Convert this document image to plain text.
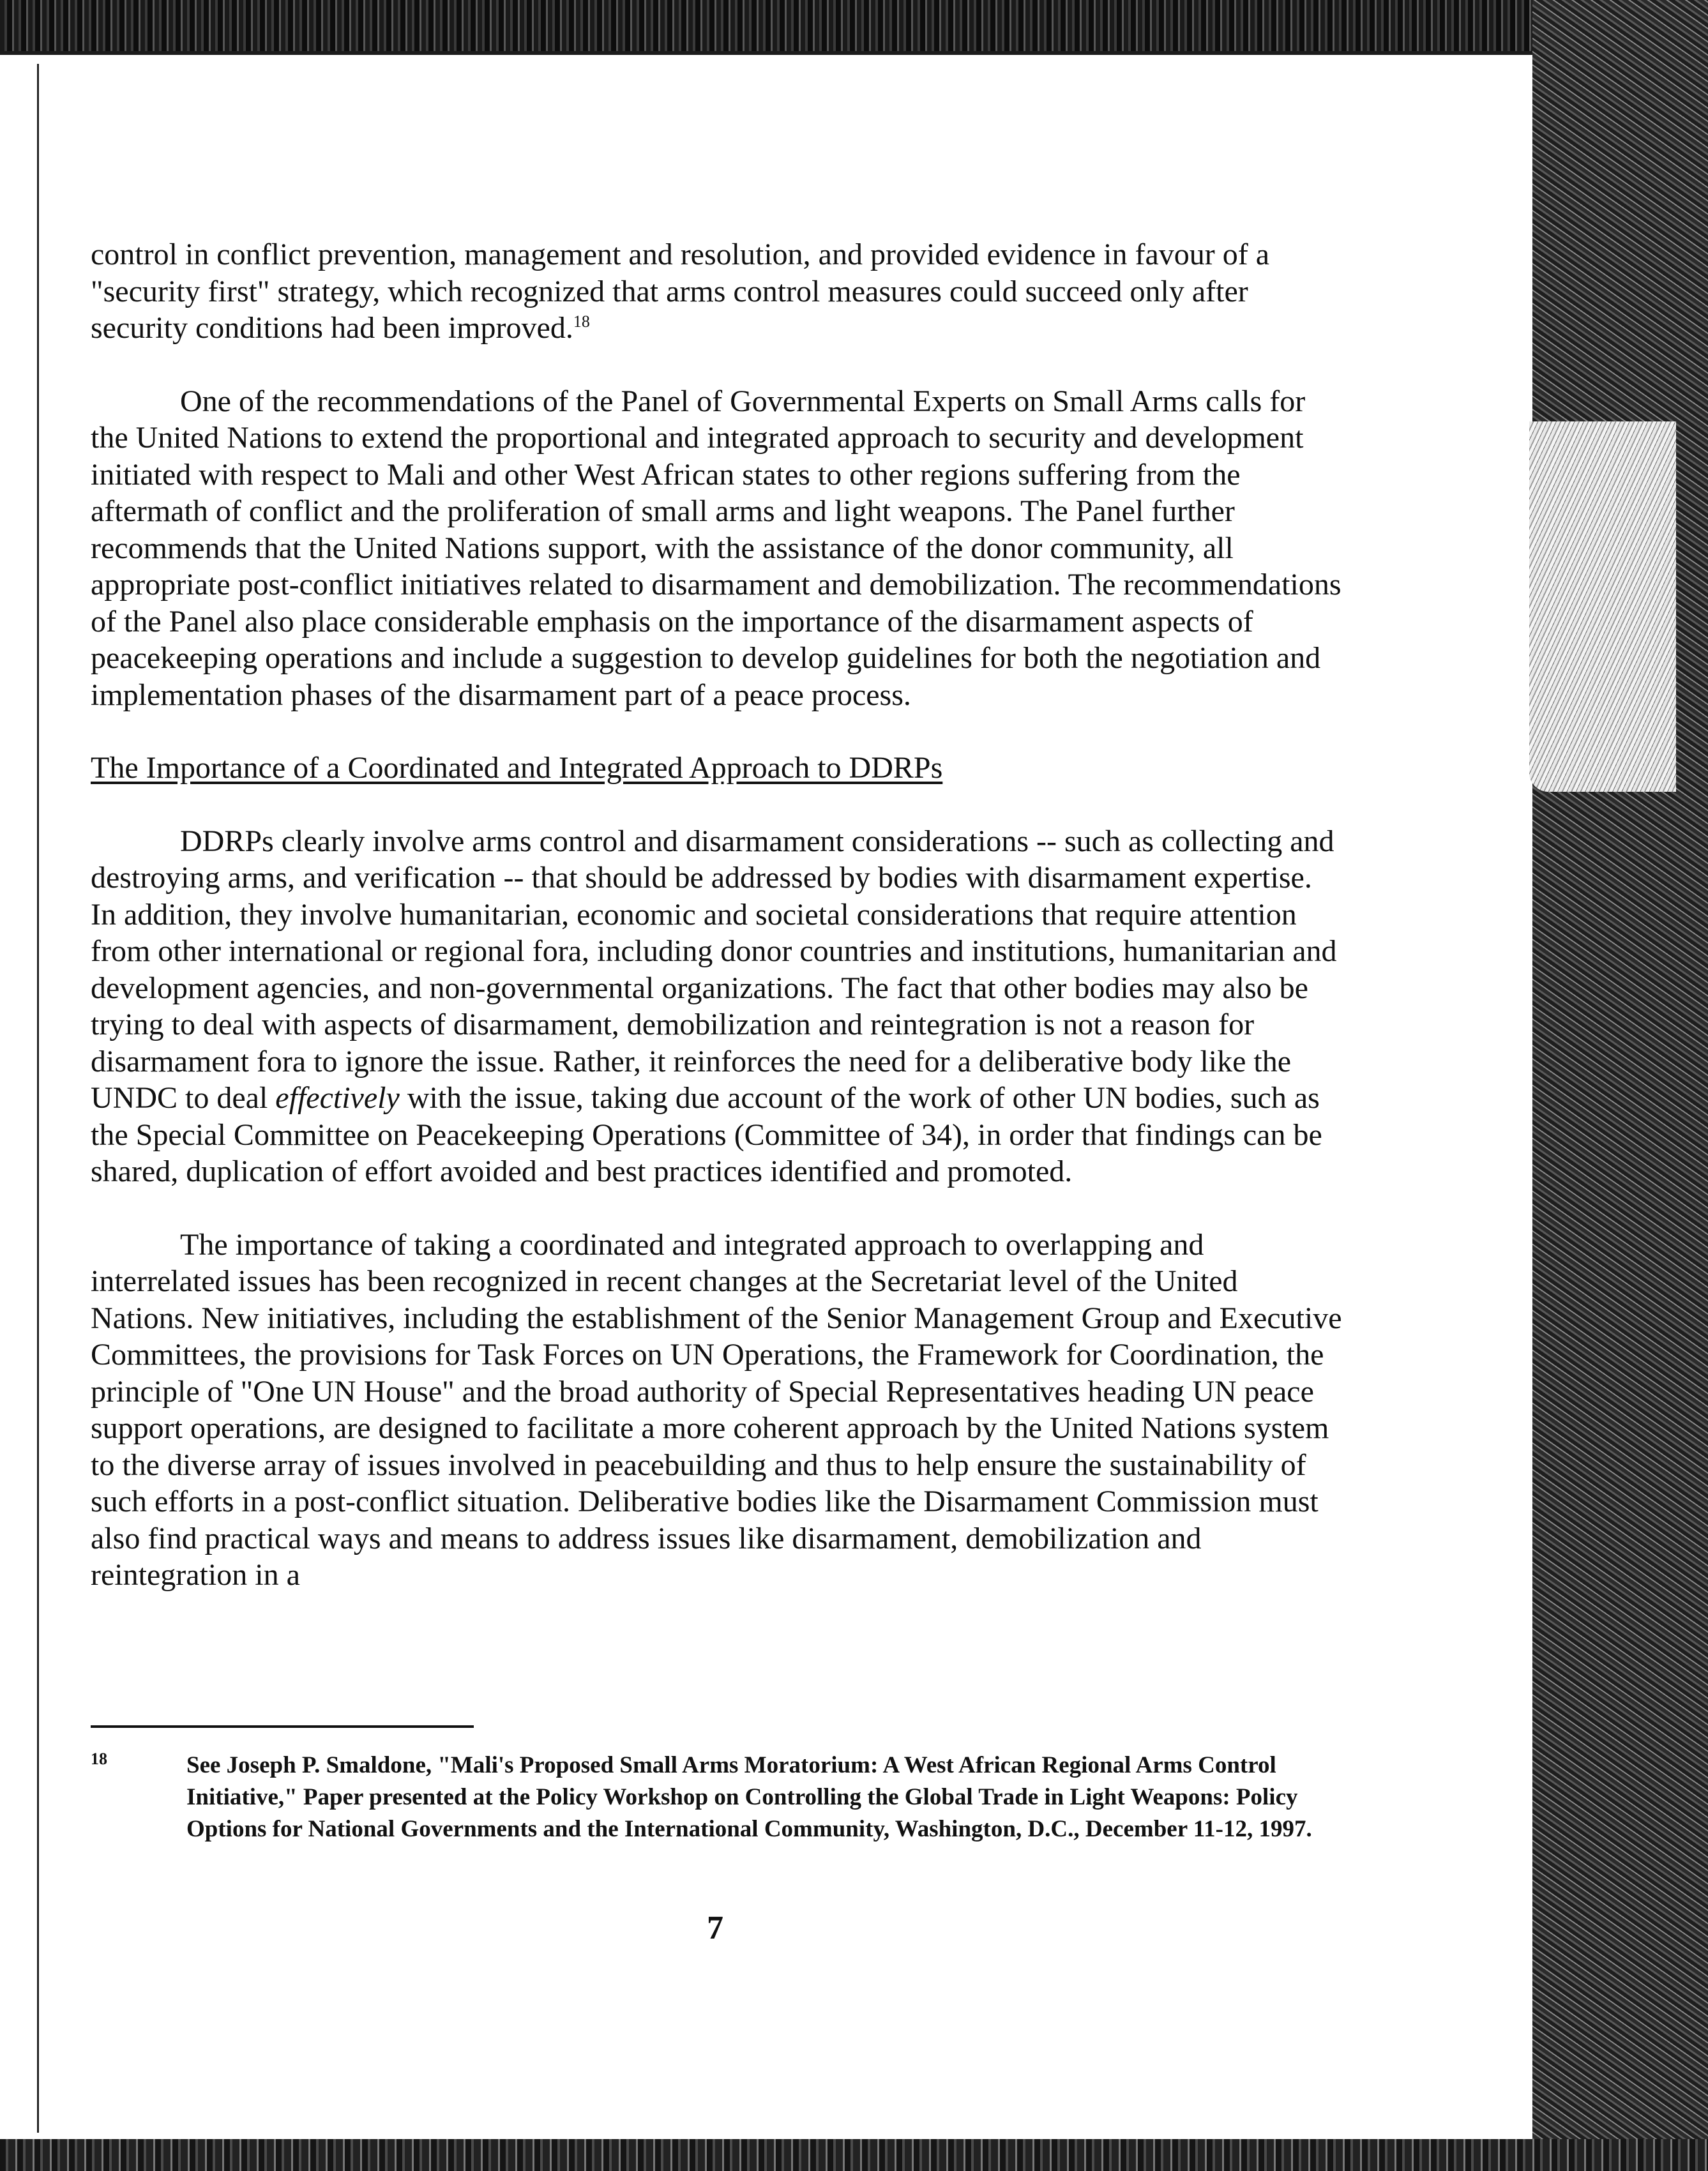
control in conflict prevention, management and resolution, and provided evidence in favour of a "security first" strategy, which recognized that arms control measures could succeed only after security conditions had been improved.$^{18}$

One of the recommendations of the Panel of Governmental Experts on Small Arms calls for the United Nations to extend the proportional and integrated approach to security and development initiated with respect to Mali and other West African states to other regions suffering from the aftermath of conflict and the proliferation of small arms and light weapons. The Panel further recommends that the United Nations support, with the assistance of the donor community, all appropriate post-conflict initiatives related to disarmament and demobilization. The recommendations of the Panel also place considerable emphasis on the importance of the disarmament aspects of peacekeeping operations and include a suggestion to develop guidelines for both the negotiation and implementation phases of the disarmament part of a peace process.

The Importance of a Coordinated and Integrated Approach to DDRPs

DDRPs clearly involve arms control and disarmament considerations -- such as collecting and destroying arms, and verification -- that should be addressed by bodies with disarmament expertise. In addition, they involve humanitarian, economic and societal considerations that require attention from other international or regional fora, including donor countries and institutions, humanitarian and development agencies, and non-governmental organizations. The fact that other bodies may also be trying to deal with aspects of disarmament, demobilization and reintegration is not a reason for disarmament fora to ignore the issue. Rather, it reinforces the need for a deliberative body like the UNDC to deal effectively with the issue, taking due account of the work of other UN bodies, such as the Special Committee on Peacekeeping Operations (Committee of 34), in order that findings can be shared, duplication of effort avoided and best practices identified and promoted.

The importance of taking a coordinated and integrated approach to overlapping and interrelated issues has been recognized in recent changes at the Secretariat level of the United Nations. New initiatives, including the establishment of the Senior Management Group and Executive Committees, the provisions for Task Forces on UN Operations, the Framework for Coordination, the principle of "One UN House" and the broad authority of Special Representatives heading UN peace support operations, are designed to facilitate a more coherent approach by the United Nations system to the diverse array of issues involved in peacebuilding and thus to help ensure the sustainability of such efforts in a post-conflict situation. Deliberative bodies like the Disarmament Commission must also find practical ways and means to address issues like disarmament, demobilization and reintegration in a

18	See Joseph P. Smaldone, "Mali's Proposed Small Arms Moratorium: A West African Regional Arms Control Initiative," Paper presented at the Policy Workshop on Controlling the Global Trade in Light Weapons: Policy Options for National Governments and the International Community, Washington, D.C., December 11-12, 1997.
7
